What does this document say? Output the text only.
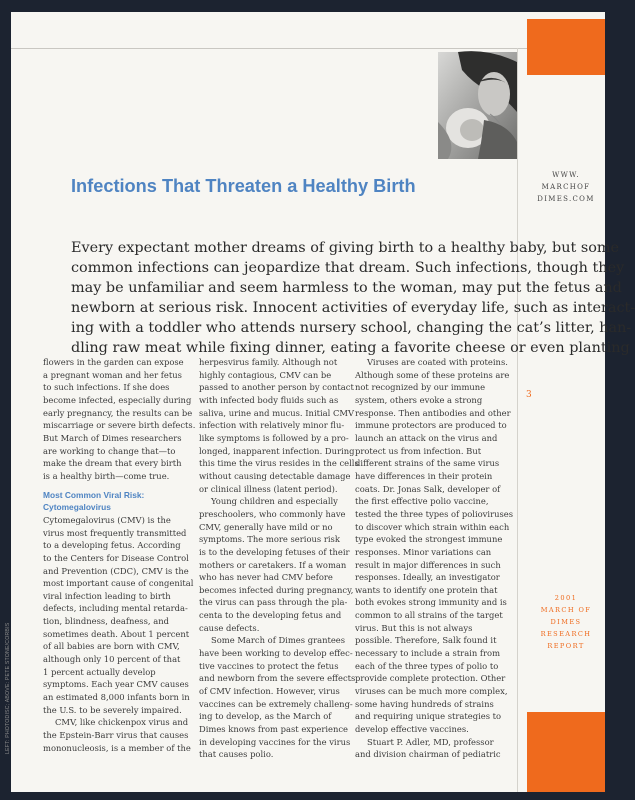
Infections That Threaten a Healthy Birth
WWW.
MARCHOF
DIMES.COM
3
2001
MARCH OF
DIMES
RESEARCH
REPORT
LEFT: PHOTODISC; ABOVE: PETE STONE/CORBIS

Every expectant mother dreams of giving birth to a healthy baby, but some
common infections can jeopardize that dream. Such infections, though they
may be unfamiliar and seem harmless to the woman, may put the fetus and
newborn at serious risk. Innocent activities of everyday life, such as interact-
ing with a toddler who attends nursery school, changing the cat’s litter, han-
dling raw meat while fixing dinner, eating a favorite cheese or even planting

flowers in the garden can expose
a pregnant woman and her fetus
to such infections. If she does
become infected, especially during
early pregnancy, the results can be
miscarriage or severe birth defects.
But March of Dimes researchers
are working to change that—to
make the dream that every birth
is a healthy birth—come true.

Most Common Viral Risk:
Cytomegalovirus

Cytomegalovirus (CMV) is the
virus most frequently transmitted
to a developing fetus. According
to the Centers for Disease Control
and Prevention (CDC), CMV is the
most important cause of congenital
viral infection leading to birth
defects, including mental retarda-
tion, blindness, deafness, and
sometimes death. About 1 percent
of all babies are born with CMV,
although only 10 percent of that
1 percent actually develop
symptoms. Each year CMV causes
an estimated 8,000 infants born in
the U.S. to be severely impaired.

CMV, like chickenpox virus and
the Epstein-Barr virus that causes
mononucleosis, is a member of the

herpesvirus family. Although not
highly contagious, CMV can be
passed to another person by contact
with infected body fluids such as
saliva, urine and mucus. Initial CMV
infection with relatively minor flu-
like symptoms is followed by a pro-
longed, inapparent infection. During
this time the virus resides in the cells
without causing detectable damage
or clinical illness (latent period).

Young children and especially
preschoolers, who commonly have
CMV, generally have mild or no
symptoms. The more serious risk
is to the developing fetuses of their
mothers or caretakers. If a woman
who has never had CMV before
becomes infected during pregnancy,
the virus can pass through the pla-
centa to the developing fetus and
cause defects.

Some March of Dimes grantees
have been working to develop effec-
tive vaccines to protect the fetus
and newborn from the severe effects
of CMV infection. However, virus
vaccines can be extremely challeng-
ing to develop, as the March of
Dimes knows from past experience
in developing vaccines for the virus
that causes polio.

Viruses are coated with proteins.
Although some of these proteins are
not recognized by our immune
system, others evoke a strong
response. Then antibodies and other
immune protectors are produced to
launch an attack on the virus and
protect us from infection. But
different strains of the same virus
have differences in their protein
coats. Dr. Jonas Salk, developer of
the first effective polio vaccine,
tested the three types of polioviruses
to discover which strain within each
type evoked the strongest immune
responses. Minor variations can
result in major differences in such
responses. Ideally, an investigator
wants to identify one protein that
both evokes strong immunity and is
common to all strains of the target
virus. But this is not always
possible. Therefore, Salk found it
necessary to include a strain from
each of the three types of polio to
provide complete protection. Other
viruses can be much more complex,
some having hundreds of strains
and requiring unique strategies to
develop effective vaccines.

Stuart P. Adler, MD, professor
and division chairman of pediatric
